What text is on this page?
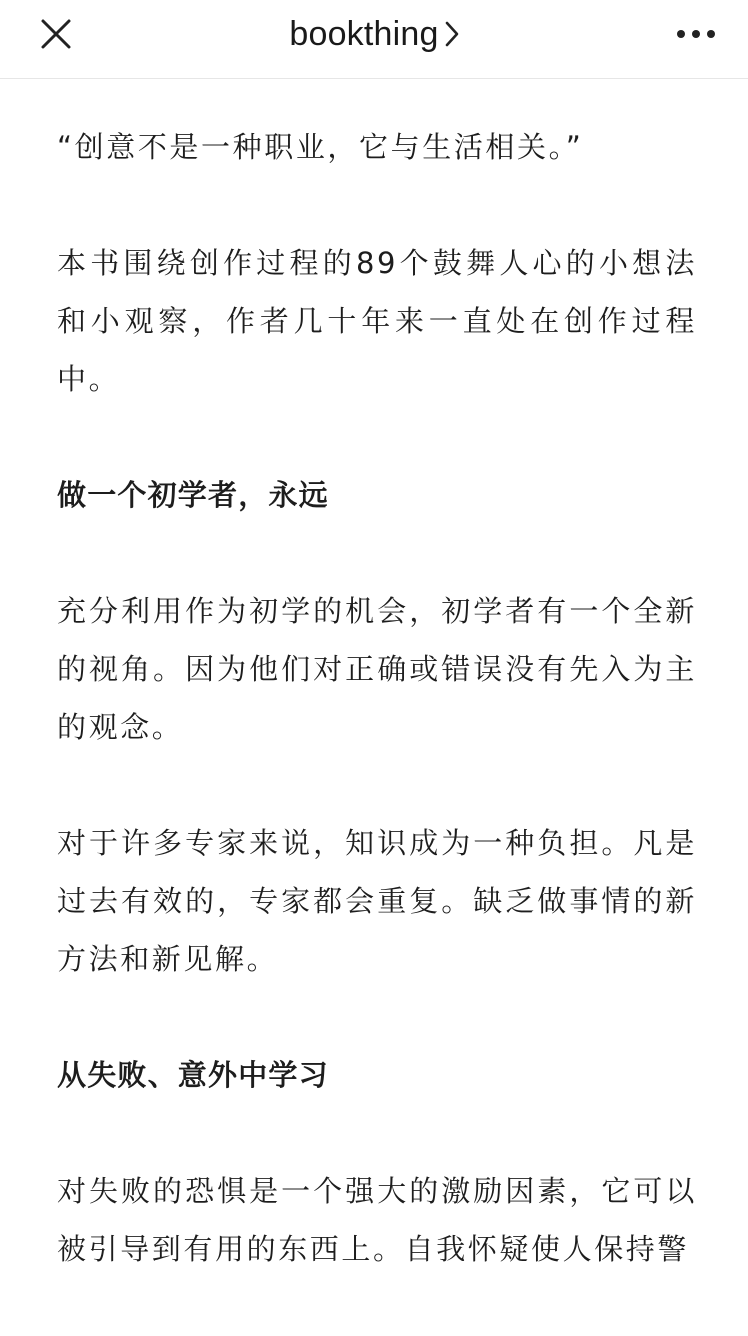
bookthing

“创意不是一种职业，它与生活相关。”

本书围绕创作过程的89个鼓舞人心的小想法和小观察，作者几十年来一直处在创作过程中。

做一个初学者，永远

充分利用作为初学的机会，初学者有一个全新的视角。因为他们对正确或错误没有先入为主的观念。

对于许多专家来说，知识成为一种负担。凡是过去有效的，专家都会重复。缺乏做事情的新方法和新见解。

从失败、意外中学习

对失败的恐惧是一个强大的激励因素，它可以被引导到有用的东西上。自我怀疑使人保持警
